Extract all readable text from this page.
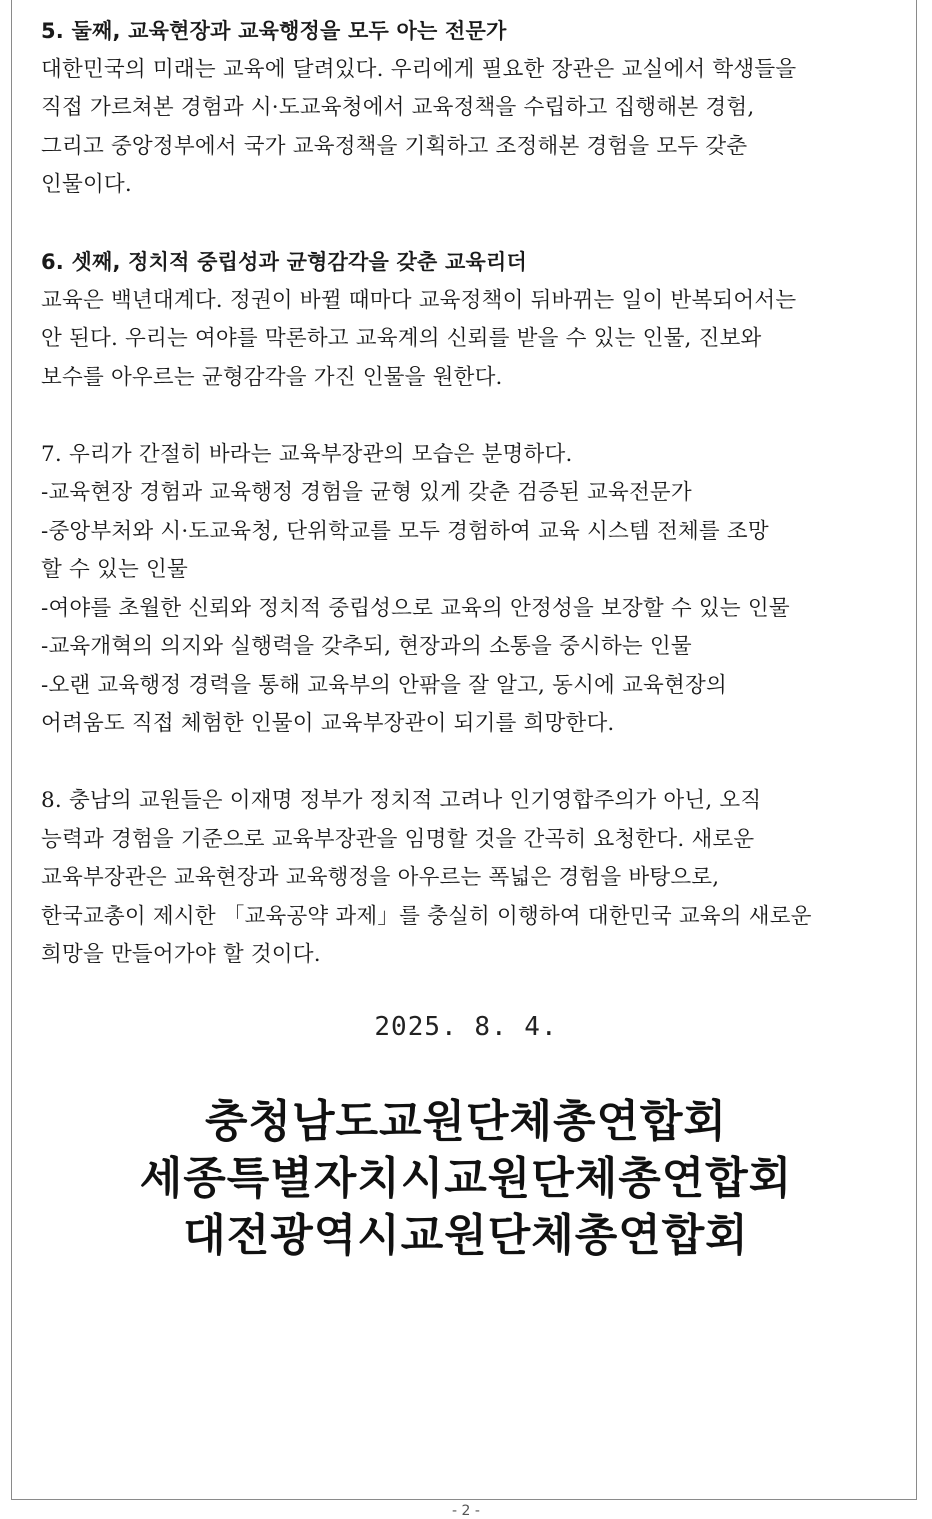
5. 둘째, 교육현장과 교육행정을 모두 아는 전문가
대한민국의 미래는 교육에 달려있다. 우리에게 필요한 장관은 교실에서 학생들을
직접 가르쳐본 경험과 시·도교육청에서 교육정책을 수립하고 집행해본 경험,
그리고 중앙정부에서 국가 교육정책을 기획하고 조정해본 경험을 모두 갖춘
인물이다.
6. 셋째, 정치적 중립성과 균형감각을 갖춘 교육리더
교육은 백년대계다. 정권이 바뀔 때마다 교육정책이 뒤바뀌는 일이 반복되어서는
안 된다. 우리는 여야를 막론하고 교육계의 신뢰를 받을 수 있는 인물, 진보와
보수를 아우르는 균형감각을 가진 인물을 원한다.
7. 우리가 간절히 바라는 교육부장관의 모습은 분명하다.
-교육현장 경험과 교육행정 경험을 균형 있게 갖춘 검증된 교육전문가
-중앙부처와 시·도교육청, 단위학교를 모두 경험하여 교육 시스템 전체를 조망
할 수 있는 인물
-여야를 초월한 신뢰와 정치적 중립성으로 교육의 안정성을 보장할 수 있는 인물
-교육개혁의 의지와 실행력을 갖추되, 현장과의 소통을 중시하는 인물
-오랜 교육행정 경력을 통해 교육부의 안팎을 잘 알고, 동시에 교육현장의
어려움도 직접 체험한 인물이 교육부장관이 되기를 희망한다.
8. 충남의 교원들은 이재명 정부가 정치적 고려나 인기영합주의가 아닌, 오직
능력과 경험을 기준으로 교육부장관을 임명할 것을 간곡히 요청한다. 새로운
교육부장관은 교육현장과 교육행정을 아우르는 폭넓은 경험을 바탕으로,
한국교총이 제시한 「교육공약 과제」를 충실히 이행하여 대한민국 교육의 새로운
희망을 만들어가야 할 것이다.
2025. 8. 4.
충청남도교원단체총연합회
세종특별자치시교원단체총연합회
대전광역시교원단체총연합회
- 2 -
